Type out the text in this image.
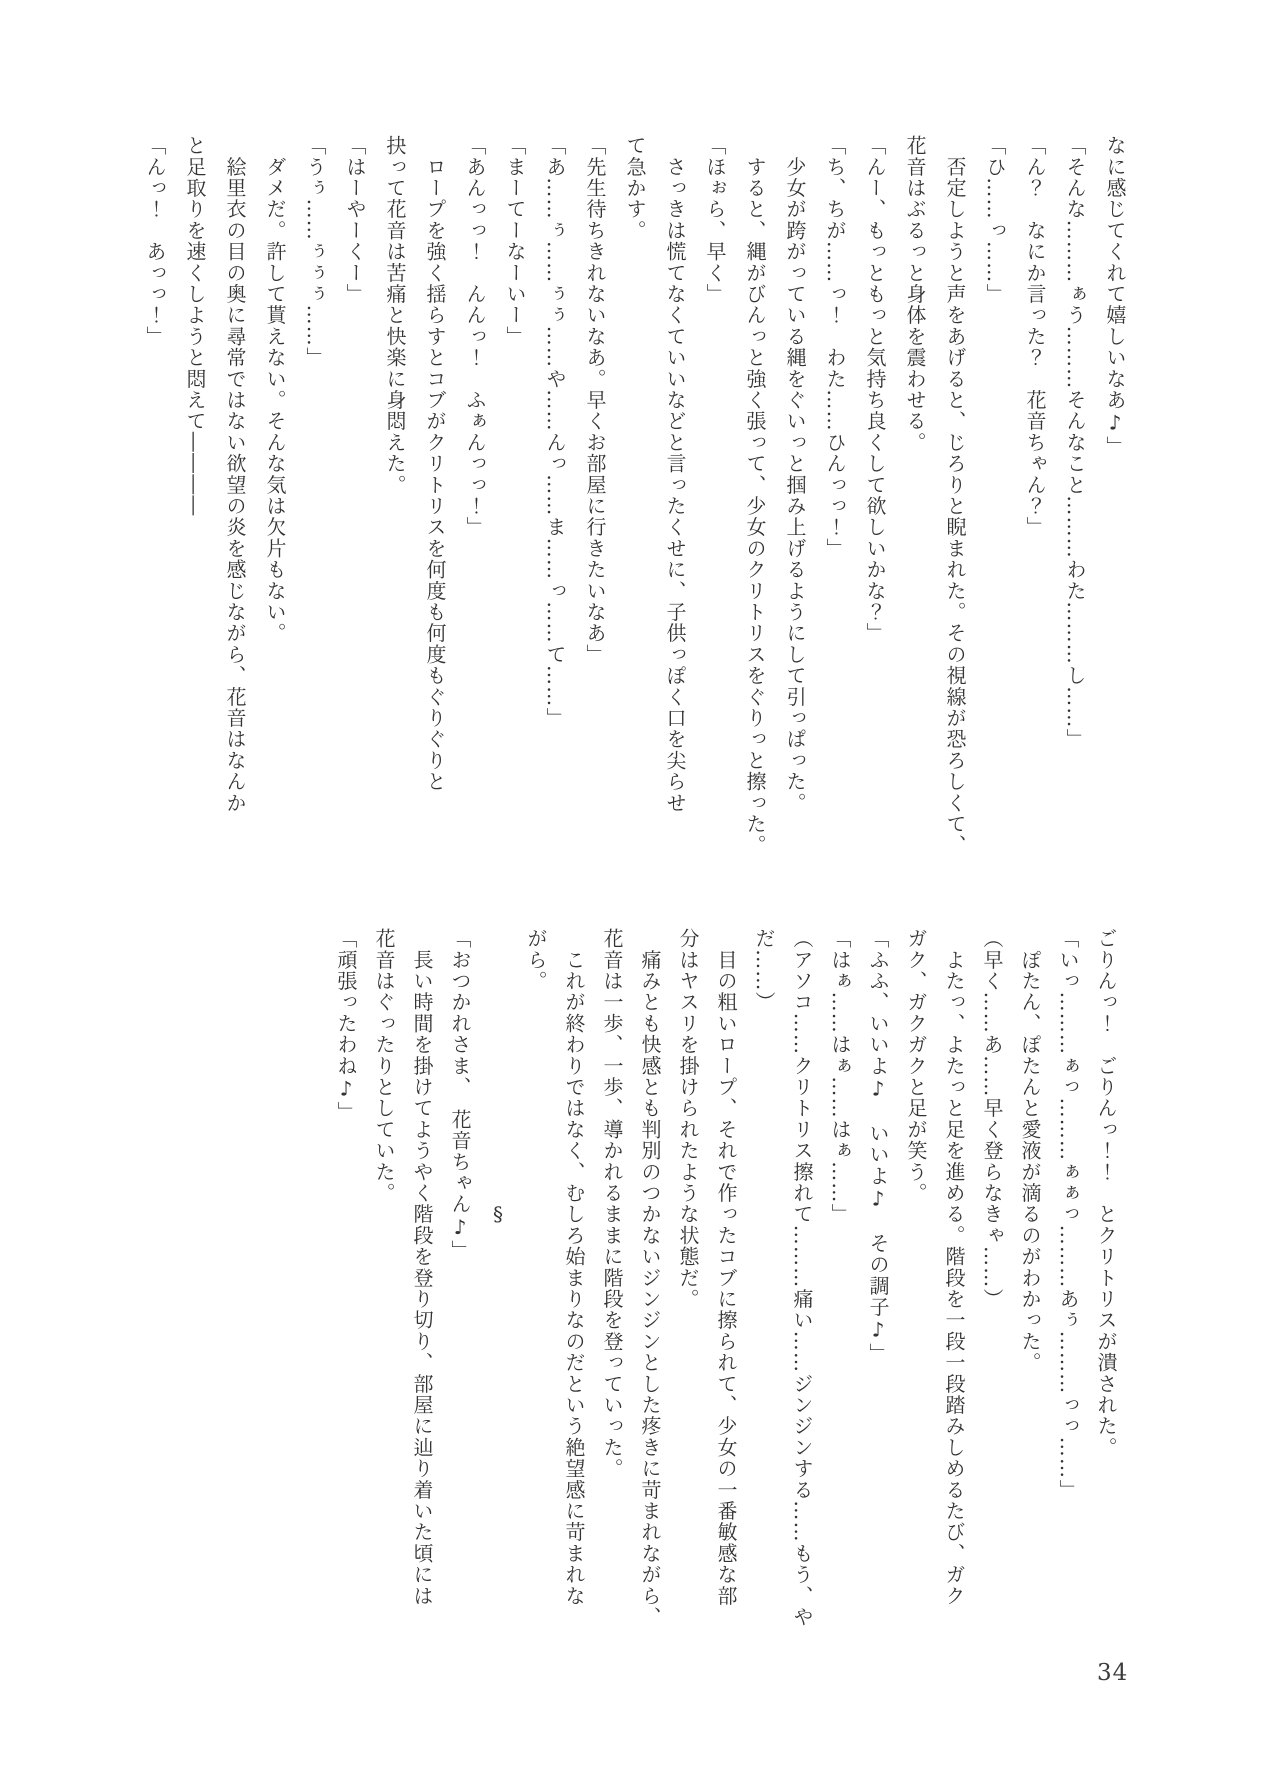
なに感じてくれて嬉しいなあ♪」

「そんな………ぁう………そんなこと………わた………し……」

「ん？　なにか言った？　花音ちゃん？」

「ひ……っ……」

　否定しようと声をあげると、じろりと睨まれた。その視線が恐ろしくて、

花音はぶるっと身体を震わせる。

「んー、もっともっと気持ち良くして欲しいかな？」

「ち、ちが……っ！　わた……ひんっっ！」

　少女が跨がっている縄をぐいっと掴み上げるようにして引っぱった。

　すると、縄がびんっと強く張って、少女のクリトリスをぐりっと擦った。

「ほぉら、早く」

　さっきは慌てなくていいなどと言ったくせに、子供っぽく口を尖らせ

て急かす。

「先生待ちきれないなあ。早くお部屋に行きたいなあ」

「あ……ぅ……ぅぅ……や……んっ……ま……っ……て……」

「まーてーなーいー」

「あんっっ！　んんっ！　ふぁんっっ！」

　ロープを強く揺らすとコブがクリトリスを何度も何度もぐりぐりと

抉って花音は苦痛と快楽に身悶えた。

「はーやーくー」

「うぅ……ぅぅぅ……」

　ダメだ。許して貰えない。そんな気は欠片もない。

　絵里衣の目の奥に尋常ではない欲望の炎を感じながら、花音はなんか

と足取りを速くしようと悶えて――――

「んっ！　あっっ！」

ごりんっ！　ごりんっ！！　とクリトリスが潰された。

「いっ………ぁっ………ぁぁっ………あぅ………っっ……」

　ぽたん、ぽたんと愛液が滴るのがわかった。

（早く……あ……早く登らなきゃ……）

　よたっ、よたっと足を進める。階段を一段一段踏みしめるたび、ガク

ガク、ガクガクと足が笑う。

「ふふ、いいよ♪　いいよ♪　その調子♪」

「はぁ……はぁ……はぁ……」

（アソコ……クリトリス擦れて………痛い……ジンジンする……もう、や

だ……）

　目の粗いロープ、それで作ったコブに擦られて、少女の一番敏感な部

分はヤスリを掛けられたような状態だ。

　痛みとも快感とも判別のつかないジンジンとした疼きに苛まれながら、

花音は一歩、一歩、導かれるままに階段を登っていった。

　これが終わりではなく、むしろ始まりなのだという絶望感に苛まれな

がら。

§

「おつかれさま、　花音ちゃん♪」

　長い時間を掛けてようやく階段を登り切り、部屋に辿り着いた頃には

花音はぐったりとしていた。

「頑張ったわね♪」

34
